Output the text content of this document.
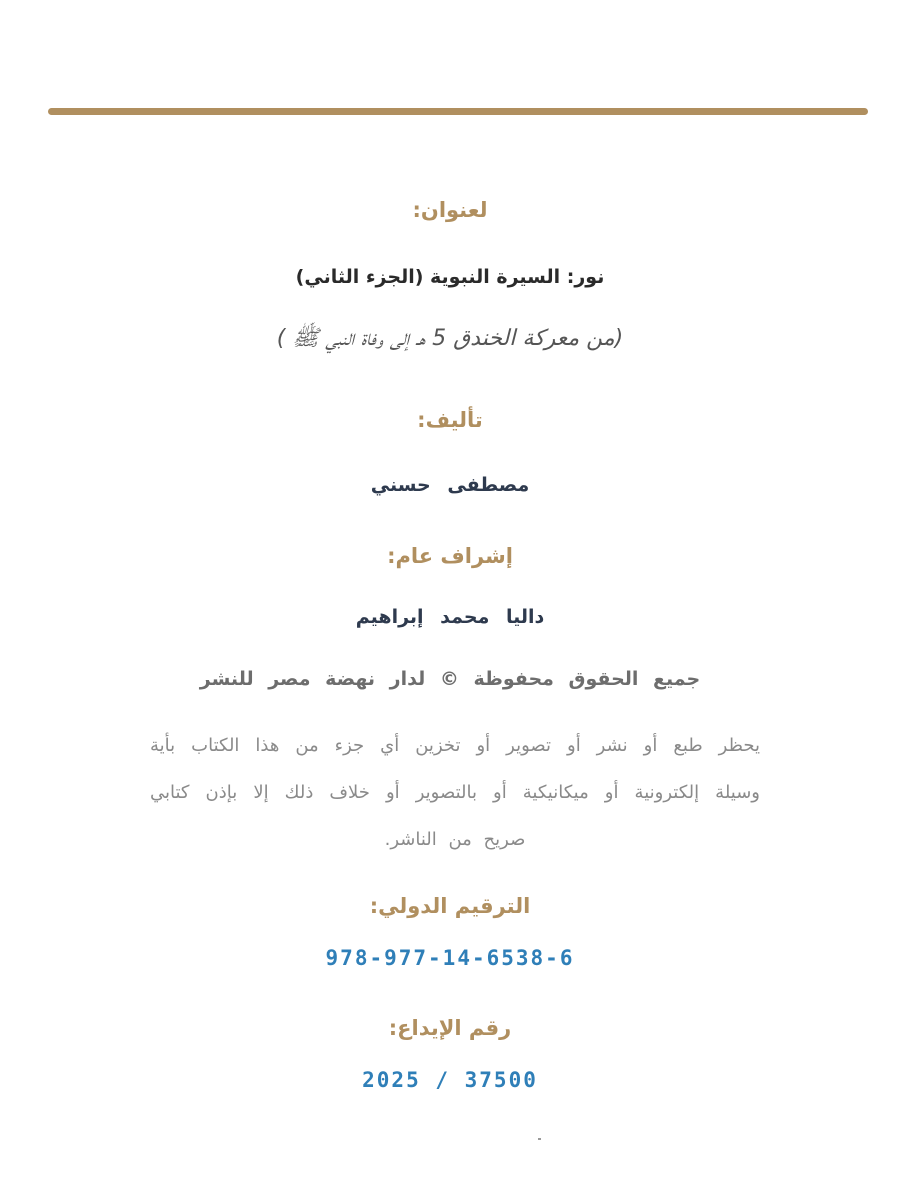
لعنوان:
نور: السيرة النبوية (الجزء الثاني)
(من معركة الخندق 5 هـ إلى وفاة النبي ﷺ )
تأليف:
مصطفى حسني
إشراف عام:
داليا محمد إبراهيم
جميع الحقوق محفوظة © لدار نهضة مصر للنشر
يحظر طبع أو نشر أو تصوير أو تخزين أي جزء من هذا الكتاب بأية وسيلة إلكترونية أو ميكانيكية أو بالتصوير أو خلاف ذلك إلا بإذن كتابي صريح من الناشر.
الترقيم الدولي:
978-977-14-6538-6
رقم الإيداع:
2025 / 37500
